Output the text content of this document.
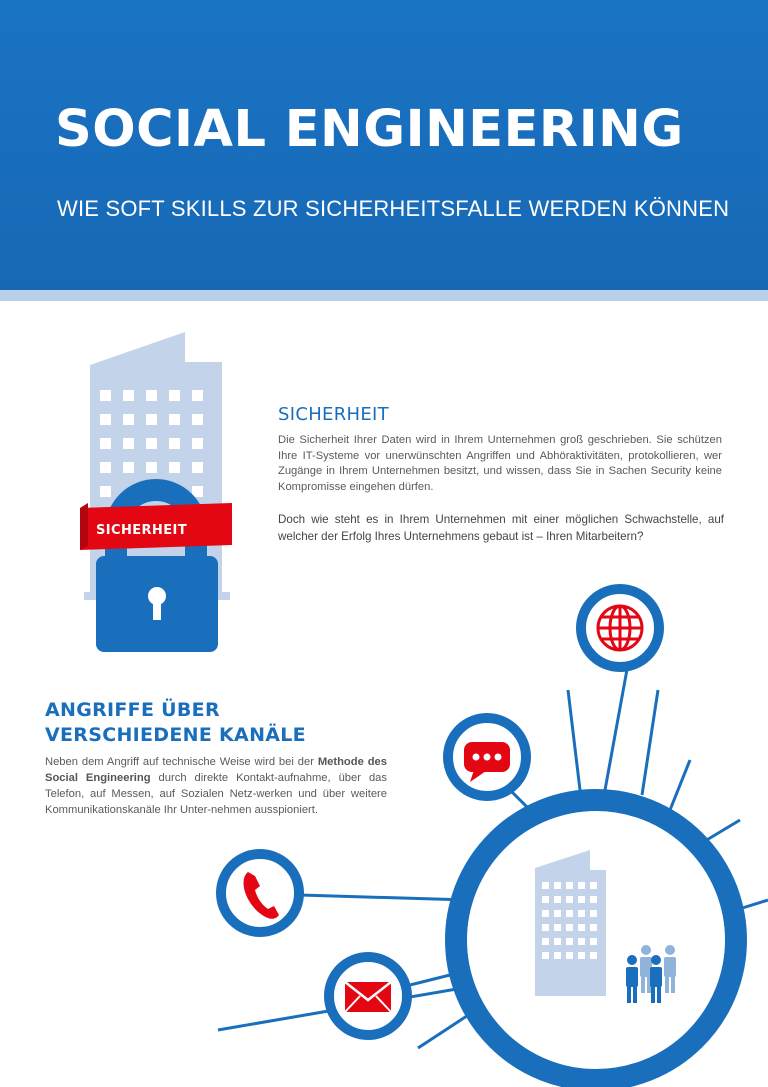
SOCIAL ENGINEERING
WIE SOFT SKILLS ZUR SICHERHEITSFALLE WERDEN KÖNNEN
SICHERHEIT
SICHERHEIT

Die Sicherheit Ihrer Daten wird in Ihrem Unternehmen groß geschrieben. Sie schützen Ihre IT-Systeme vor unerwünschten Angriffen und Abhöraktivitäten, protokollieren, wer Zugänge in Ihrem Unternehmen besitzt, und wissen, dass Sie in Sachen Security keine Kompromisse eingehen dürfen.

Doch wie steht es in Ihrem Unternehmen mit einer möglichen Schwachstelle, auf welcher der Erfolg Ihres Unternehmens gebaut ist – Ihren Mitarbeitern?

ANGRIFFE ÜBER
VERSCHIEDENE KANÄLE

Neben dem Angriff auf technische Weise wird bei der Methode des Social Engineering durch direkte Kontakt-aufnahme, über das Telefon, auf Messen, auf Sozialen Netz-werken und über weitere Kommunikationskanäle Ihr Unter-nehmen ausspioniert.
